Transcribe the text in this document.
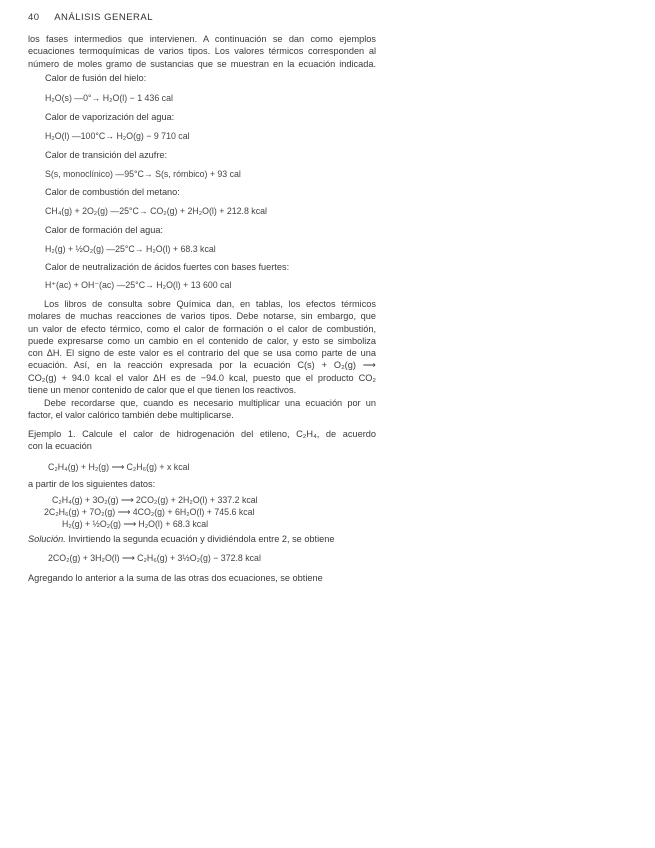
40 ANÁLISIS GENERAL
los fases intermedios que intervienen. A continuación se dan como ejemplos
ecuaciones termoquímicas de varios tipos. Los valores térmicos corresponden al
número de moles gramo de sustancias que se muestran en la ecuación indicada.
Calor de fusión del hielo:
H₂O(s) —0°→ H₂O(l) − 1 436 cal
Calor de vaporización del agua:
H₂O(l) —100°C→ H₂O(g) − 9 710 cal
Calor de transición del azufre:
S(s, monoclínico) —95°C→ S(s, rómbico) + 93 cal
Calor de combustión del metano:
CH₄(g) + 2O₂(g) —25°C→ CO₂(g) + 2H₂O(l) + 212.8 kcal
Calor de formación del agua:
H₂(g) + ½O₂(g) —25°C→ H₂O(l) + 68.3 kcal
Calor de neutralización de ácidos fuertes con bases fuertes:
H⁺(ac) + OH⁻(ac) —25°C→ H₂O(l) + 13 600 cal
Los libros de consulta sobre Química dan, en tablas, los efectos térmicos
molares de muchas reacciones de varios tipos. Debe notarse, sin embargo, que
un valor de efecto térmico, como el calor de formación o el calor de combustión,
puede expresarse como un cambio en el contenido de calor, y esto se simboliza
con ΔH. El signo de este valor es el contrario del que se usa como parte de una
ecuación. Así, en la reacción expresada por la ecuación C(s) + O₂(g) ⟶
CO₂(g) + 94.0 kcal el valor ΔH es de −94.0 kcal, puesto que el producto CO₂
tiene un menor contenido de calor que el que tienen los reactivos.
Debe recordarse que, cuando es necesario multiplicar una ecuación por un
factor, el valor calórico también debe multiplicarse.
Ejemplo 1. Calcule el calor de hidrogenación del etileno, C₂H₄, de acuerdo
con la ecuación
C₂H₄(g) + H₂(g) ⟶ C₂H₆(g) + x kcal
a partir de los siguientes datos:
C₂H₄(g) + 3O₂(g) ⟶ 2CO₂(g) + 2H₂O(l) + 337.2 kcal
2C₂H₆(g) + 7O₂(g) ⟶ 4CO₂(g) + 6H₂O(l) + 745.6 kcal
H₂(g) + ½O₂(g) ⟶ H₂O(l) + 68.3 kcal
Solución. Invirtiendo la segunda ecuación y dividiéndola entre 2, se obtiene
2CO₂(g) + 3H₂O(l) ⟶ C₂H₆(g) + 3½O₂(g) − 372.8 kcal
Agregando lo anterior a la suma de las otras dos ecuaciones, se obtiene
